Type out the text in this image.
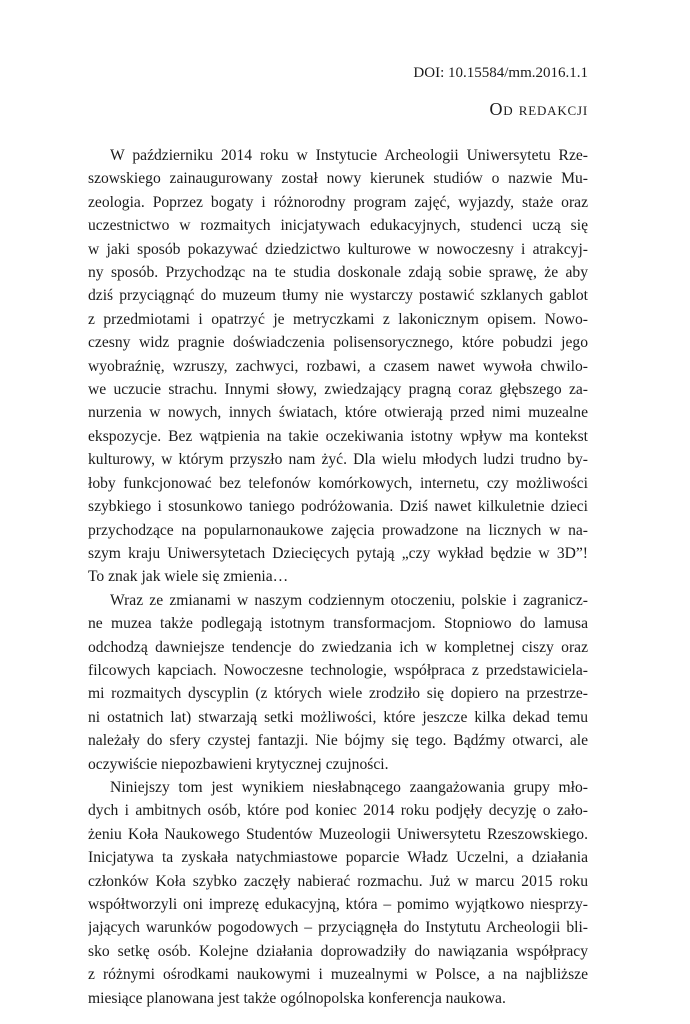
DOI: 10.15584/mm.2016.1.1
Od redakcji

W październiku 2014 roku w Instytucie Archeologii Uniwersytetu Rze-
szowskiego zainaugurowany został nowy kierunek studiów o nazwie Mu-
zeologia. Poprzez bogaty i różnorodny program zajęć, wyjazdy, staże oraz
uczestnictwo w rozmaitych inicjatywach edukacyjnych, studenci uczą się
w jaki sposób pokazywać dziedzictwo kulturowe w nowoczesny i atrakcyj-
ny sposób. Przychodząc na te studia doskonale zdają sobie sprawę, że aby
dziś przyciągnąć do muzeum tłumy nie wystarczy postawić szklanych gablot
z przedmiotami i opatrzyć je metryczkami z lakonicznym opisem. Nowo-
czesny widz pragnie doświadczenia polisensorycznego, które pobudzi jego
wyobraźnię, wzruszy, zachwyci, rozbawi, a czasem nawet wywoła chwilo-
we uczucie strachu. Innymi słowy, zwiedzający pragną coraz głębszego za-
nurzenia w nowych, innych światach, które otwierają przed nimi muzealne
ekspozycje. Bez wątpienia na takie oczekiwania istotny wpływ ma kontekst
kulturowy, w którym przyszło nam żyć. Dla wielu młodych ludzi trudno by-
łoby funkcjonować bez telefonów komórkowych, internetu, czy możliwości
szybkiego i stosunkowo taniego podróżowania. Dziś nawet kilkuletnie dzieci
przychodzące na popularnonaukowe zajęcia prowadzone na licznych w na-
szym kraju Uniwersytetach Dziecięcych pytają „czy wykład będzie w 3D”!
To znak jak wiele się zmienia…

Wraz ze zmianami w naszym codziennym otoczeniu, polskie i zagranicz-
ne muzea także podlegają istotnym transformacjom. Stopniowo do lamusa
odchodzą dawniejsze tendencje do zwiedzania ich w kompletnej ciszy oraz
filcowych kapciach. Nowoczesne technologie, współpraca z przedstawiciela-
mi rozmaitych dyscyplin (z których wiele zrodziło się dopiero na przestrze-
ni ostatnich lat) stwarzają setki możliwości, które jeszcze kilka dekad temu
należały do sfery czystej fantazji. Nie bójmy się tego. Bądźmy otwarci, ale
oczywiście niepozbawieni krytycznej czujności.

Niniejszy tom jest wynikiem niesłabnącego zaangażowania grupy mło-
dych i ambitnych osób, które pod koniec 2014 roku podjęły decyzję o zało-
żeniu Koła Naukowego Studentów Muzeologii Uniwersytetu Rzeszowskiego.
Inicjatywa ta zyskała natychmiastowe poparcie Władz Uczelni, a działania
członków Koła szybko zaczęły nabierać rozmachu. Już w marcu 2015 roku
współtworzyli oni imprezę edukacyjną, która – pomimo wyjątkowo niesprzy-
jających warunków pogodowych – przyciągnęła do Instytutu Archeologii bli-
sko setkę osób. Kolejne działania doprowadziły do nawiązania współpracy
z różnymi ośrodkami naukowymi i muzealnymi w Polsce, a na najbliższe
miesiące planowana jest także ogólnopolska konferencja naukowa.
